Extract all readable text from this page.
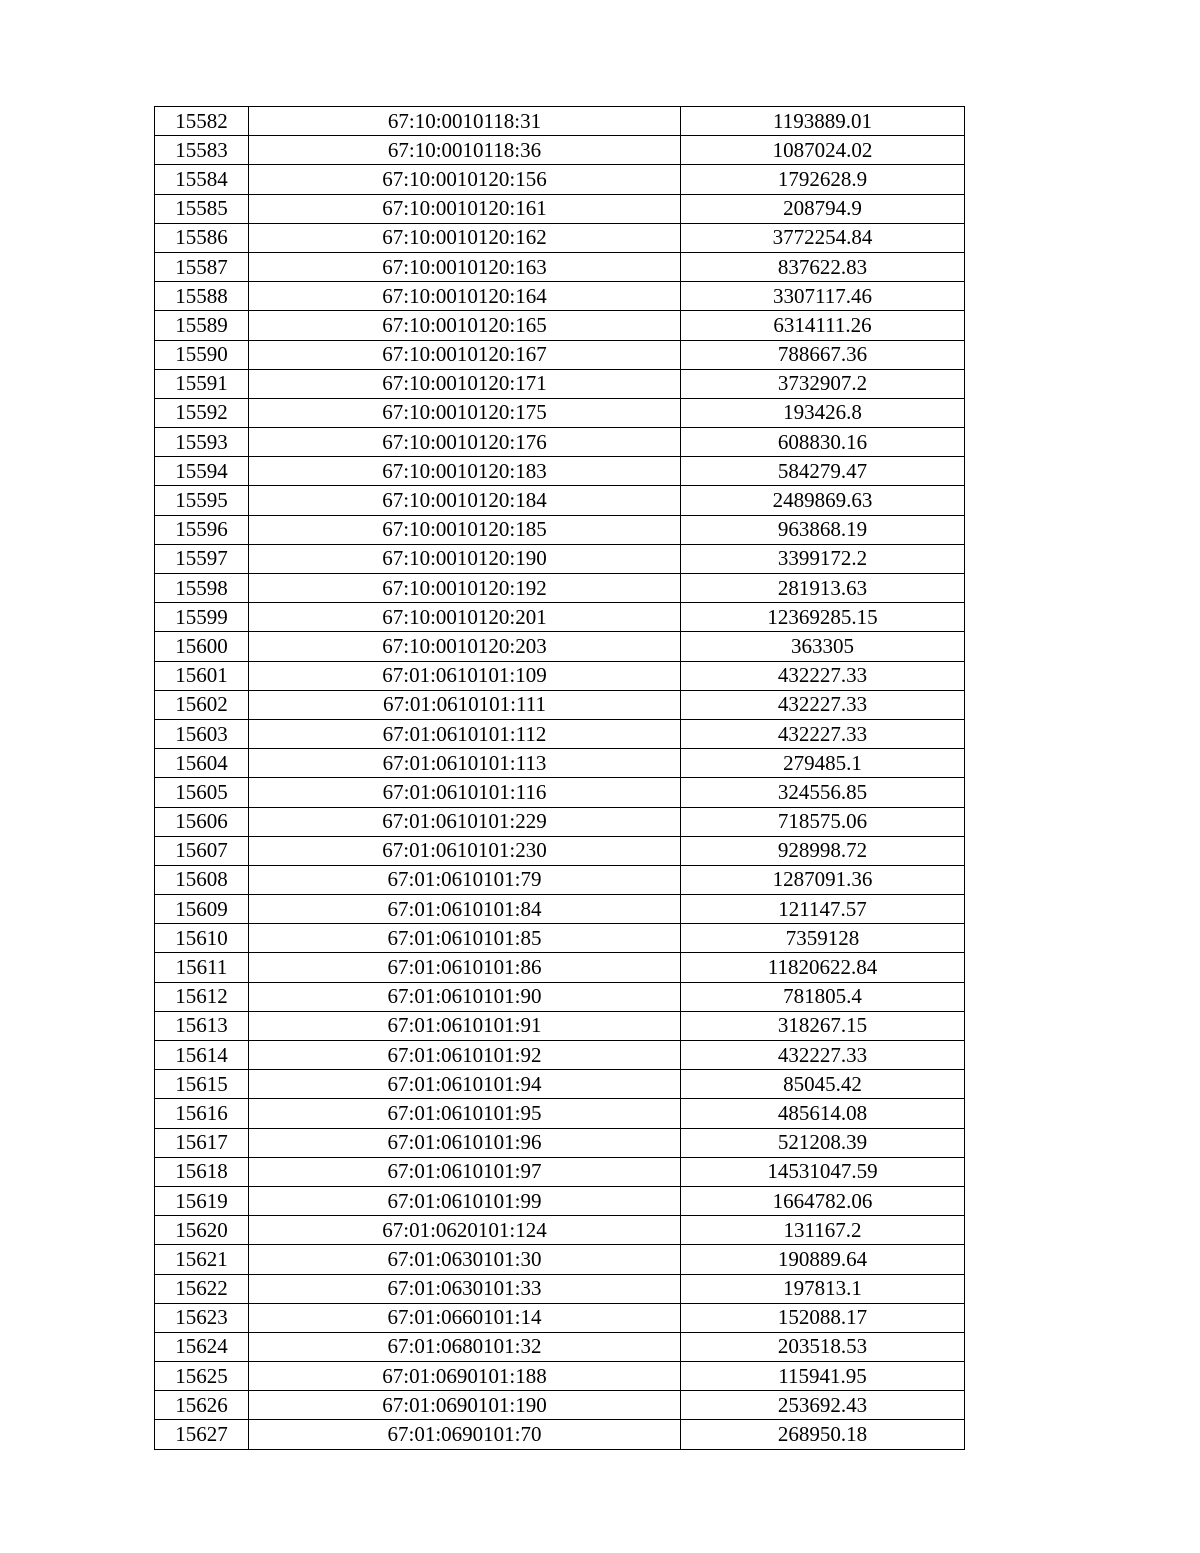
15582	67:10:0010118:31	1193889.01
15583	67:10:0010118:36	1087024.02
15584	67:10:0010120:156	1792628.9
15585	67:10:0010120:161	208794.9
15586	67:10:0010120:162	3772254.84
15587	67:10:0010120:163	837622.83
15588	67:10:0010120:164	3307117.46
15589	67:10:0010120:165	6314111.26
15590	67:10:0010120:167	788667.36
15591	67:10:0010120:171	3732907.2
15592	67:10:0010120:175	193426.8
15593	67:10:0010120:176	608830.16
15594	67:10:0010120:183	584279.47
15595	67:10:0010120:184	2489869.63
15596	67:10:0010120:185	963868.19
15597	67:10:0010120:190	3399172.2
15598	67:10:0010120:192	281913.63
15599	67:10:0010120:201	12369285.15
15600	67:10:0010120:203	363305
15601	67:01:0610101:109	432227.33
15602	67:01:0610101:111	432227.33
15603	67:01:0610101:112	432227.33
15604	67:01:0610101:113	279485.1
15605	67:01:0610101:116	324556.85
15606	67:01:0610101:229	718575.06
15607	67:01:0610101:230	928998.72
15608	67:01:0610101:79	1287091.36
15609	67:01:0610101:84	121147.57
15610	67:01:0610101:85	7359128
15611	67:01:0610101:86	11820622.84
15612	67:01:0610101:90	781805.4
15613	67:01:0610101:91	318267.15
15614	67:01:0610101:92	432227.33
15615	67:01:0610101:94	85045.42
15616	67:01:0610101:95	485614.08
15617	67:01:0610101:96	521208.39
15618	67:01:0610101:97	14531047.59
15619	67:01:0610101:99	1664782.06
15620	67:01:0620101:124	131167.2
15621	67:01:0630101:30	190889.64
15622	67:01:0630101:33	197813.1
15623	67:01:0660101:14	152088.17
15624	67:01:0680101:32	203518.53
15625	67:01:0690101:188	115941.95
15626	67:01:0690101:190	253692.43
15627	67:01:0690101:70	268950.18
